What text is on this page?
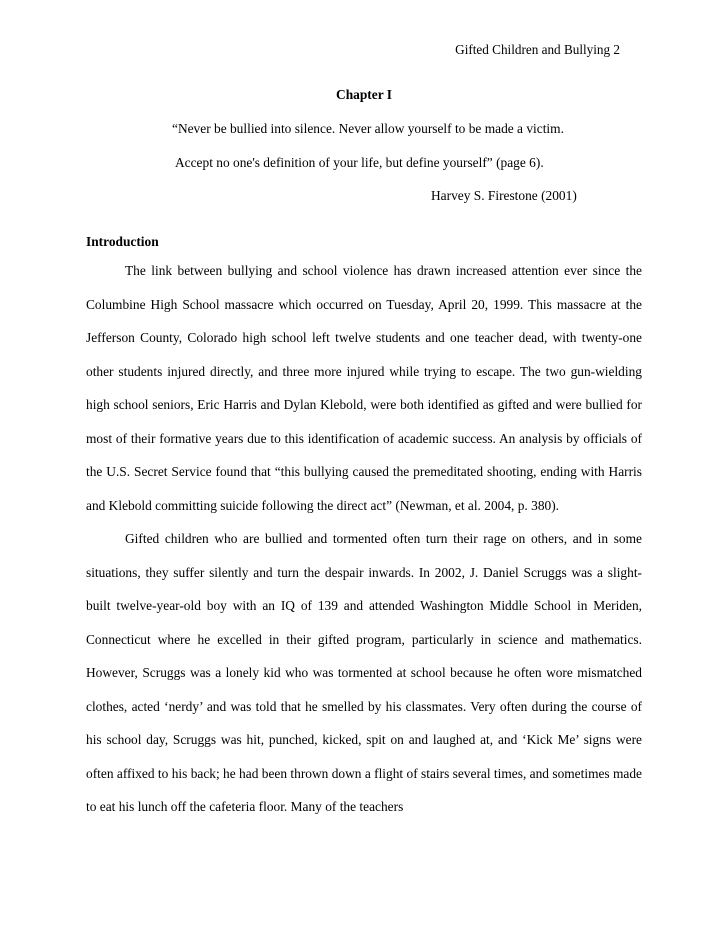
Gifted Children and Bullying 2
Chapter I
“Never be bullied into silence. Never allow yourself to be made a victim.
Accept no one's definition of your life, but define yourself” (page 6).
Harvey S. Firestone (2001)
Introduction

The link between bullying and school violence has drawn increased attention ever since the Columbine High School massacre which occurred on Tuesday, April 20, 1999. This massacre at the Jefferson County, Colorado high school left twelve students and one teacher dead, with twenty-one other students injured directly, and three more injured while trying to escape. The two gun-wielding high school seniors, Eric Harris and Dylan Klebold, were both identified as gifted and were bullied for most of their formative years due to this identification of academic success. An analysis by officials of the U.S. Secret Service found that “this bullying caused the premeditated shooting, ending with Harris and Klebold committing suicide following the direct act” (Newman, et al. 2004, p. 380).

Gifted children who are bullied and tormented often turn their rage on others, and in some situations, they suffer silently and turn the despair inwards. In 2002, J. Daniel Scruggs was a slight-built twelve-year-old boy with an IQ of 139 and attended Washington Middle School in Meriden, Connecticut where he excelled in their gifted program, particularly in science and mathematics. However, Scruggs was a lonely kid who was tormented at school because he often wore mismatched clothes, acted ‘nerdy’ and was told that he smelled by his classmates. Very often during the course of his school day, Scruggs was hit, punched, kicked, spit on and laughed at, and ‘Kick Me’ signs were often affixed to his back; he had been thrown down a flight of stairs several times, and sometimes made to eat his lunch off the cafeteria floor. Many of the teachers
